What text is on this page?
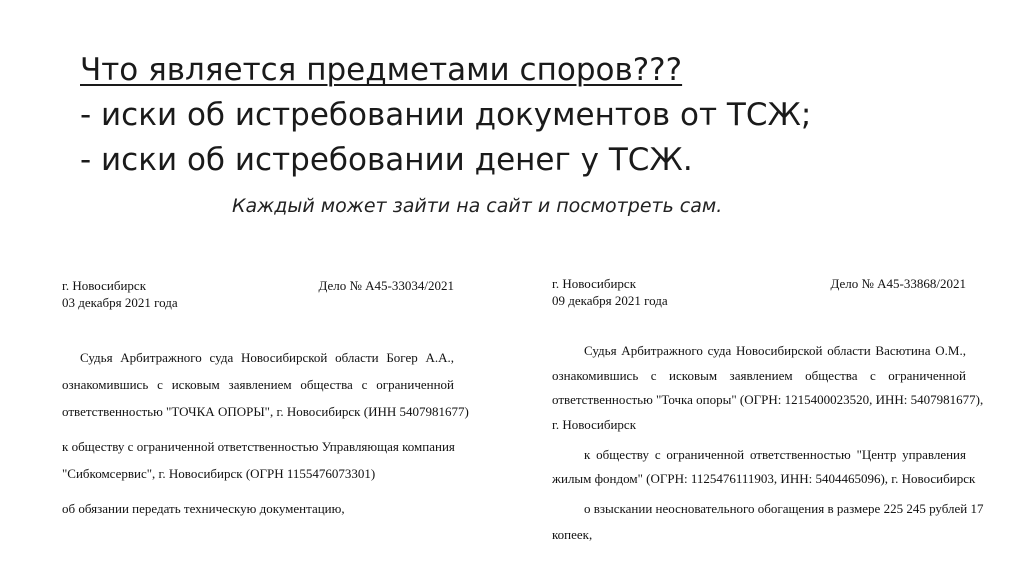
Что является предметами споров???
- иски об истребовании документов от ТСЖ;
- иски об истребовании денег у ТСЖ.
Каждый может зайти на сайт и посмотреть сам.
г. Новосибирск
03 декабря 2021 года
Дело № А45-33034/2021
Судья Арбитражного суда Новосибирской области Богер А.А.,
ознакомившись с исковым заявлением общества с ограниченной
ответственностью "ТОЧКА ОПОРЫ", г. Новосибирск (ИНН 5407981677)
к обществу с ограниченной ответственностью Управляющая компания
"Сибкомсервис", г. Новосибирск (ОГРН 1155476073301)
об обязании передать техническую документацию,
г. Новосибирск
09 декабря 2021 года
Дело № А45-33868/2021
Судья Арбитражного суда Новосибирской области Васютина О.М.,
ознакомившись с исковым заявлением общества с ограниченной
ответственностью "Точка опоры" (ОГРН: 1215400023520, ИНН: 5407981677),
г. Новосибирск
к обществу с ограниченной ответственностью "Центр управления
жилым фондом" (ОГРН: 1125476111903, ИНН: 5404465096), г. Новосибирск
о взыскании неосновательного обогащения в размере 225 245 рублей 17
копеек,
